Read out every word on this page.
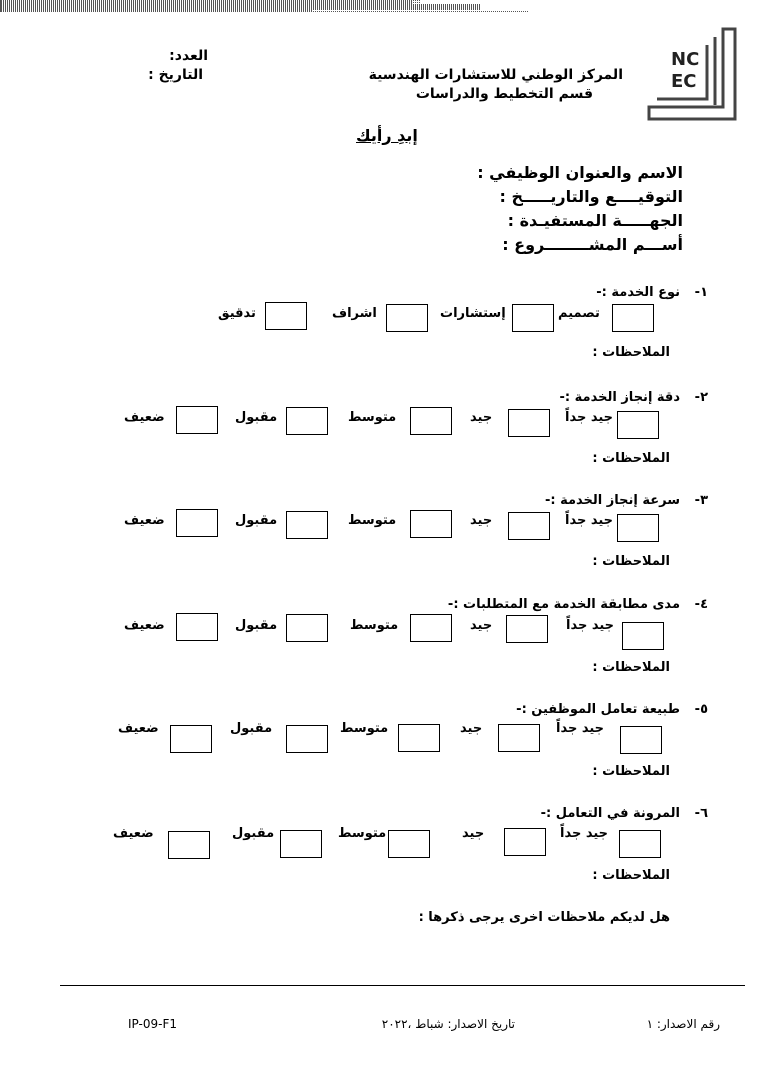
العدد:
التاريخ :	المركز الوطني للاستشارات الهندسية
قسم التخطيط والدراسات
NC
EC
إبدِ رأيك
الاسم والعنوان الوظيفي :
التوقيــــع والتاريـــــخ :
الجهـــــة المستفيـدة :
أســـم المشــــــــروع :
١-
نوع الخدمة :-
تصميم
إستشارات
اشراف
تدقيق
الملاحظات :
٢-
دقة إنجاز الخدمة :-
جيد جداً
جيد
متوسط
مقبول
ضعيف
الملاحظات :
٣-
سرعة إنجاز الخدمة :-
جيد جداً
جيد
متوسط
مقبول
ضعيف
الملاحظات :
٤-
مدى مطابقة الخدمة مع المتطلبات :-
جيد جداً
جيد
متوسط
مقبول
ضعيف
الملاحظات :
٥-
طبيعة تعامل الموظفين :-
جيد جداً
جيد
متوسط
مقبول
ضعيف
الملاحظات :
٦-
المرونة في التعامل :-
جيد جداً
جيد
متوسط
مقبول
ضعيف
الملاحظات :
هل لديكم ملاحظات اخرى يرجى ذكرها :
IP-09-F1	تاريخ الاصدار: شباط ،٢٠٢٢	رقم الاصدار: ١
